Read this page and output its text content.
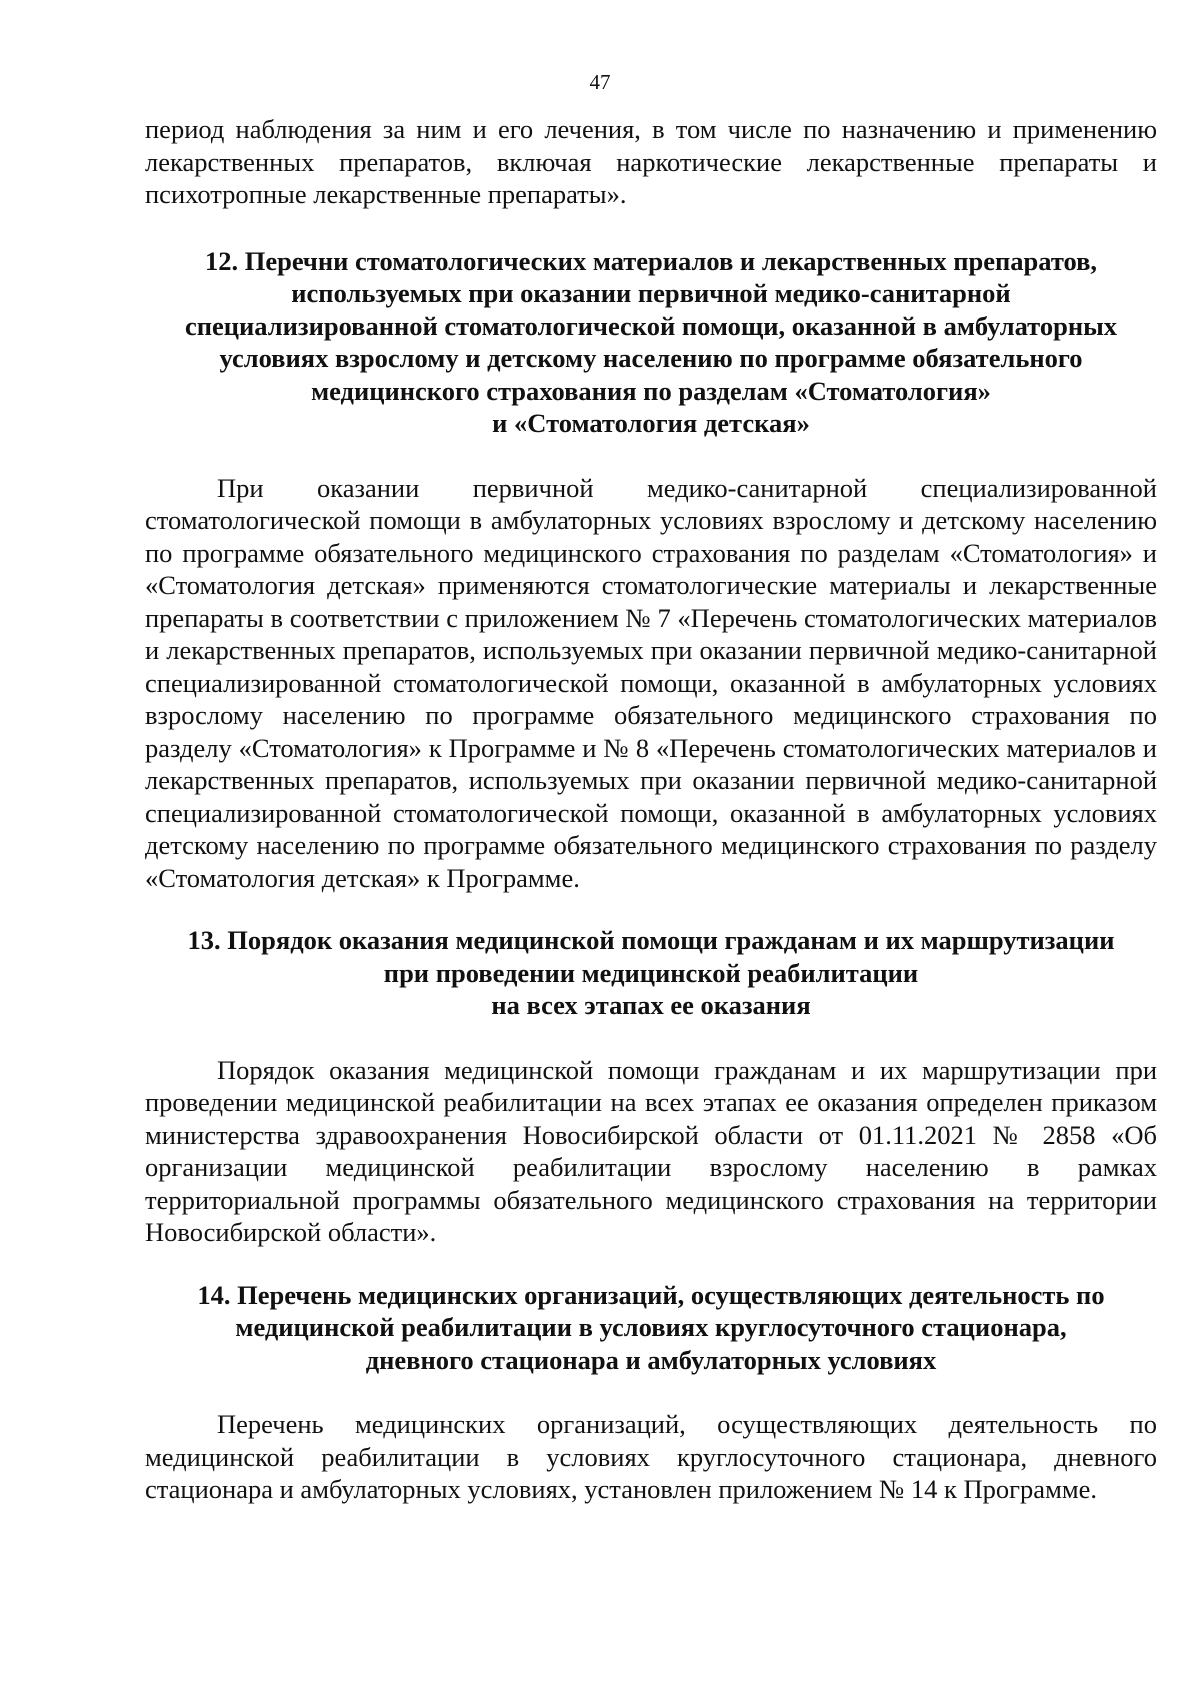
47

период наблюдения за ним и его лечения, в том числе по назначению и применению лекарственных препаратов, включая наркотические лекарственные препараты и психотропные лекарственные препараты».

12. Перечни стоматологических материалов и лекарственных препаратов,
используемых при оказании первичной медико-санитарной
специализированной стоматологической помощи, оказанной в амбулаторных
условиях взрослому и детскому населению по программе обязательного
медицинского страхования по разделам «Стоматология»
и «Стоматология детская»

При оказании первичной медико-санитарной специализированной стоматологической помощи в амбулаторных условиях взрослому и детскому населению по программе обязательного медицинского страхования по разделам «Стоматология» и «Стоматология детская» применяются стоматологические материалы и лекарственные препараты в соответствии с приложением № 7 «Перечень стоматологических материалов и лекарственных препаратов, используемых при оказании первичной медико-санитарной специализированной стоматологической помощи, оказанной в амбулаторных условиях взрослому населению по программе обязательного медицинского страхования по разделу «Стоматология» к Программе и № 8 «Перечень стоматологических материалов и лекарственных препаратов, используемых при оказании первичной медико-санитарной специализированной стоматологической помощи, оказанной в амбулаторных условиях детскому населению по программе обязательного медицинского страхования по разделу «Стоматология детская» к Программе.

13. Порядок оказания медицинской помощи гражданам и их маршрутизации
при проведении медицинской реабилитации
на всех этапах ее оказания

Порядок оказания медицинской помощи гражданам и их маршрутизации при проведении медицинской реабилитации на всех этапах ее оказания определен приказом министерства здравоохранения Новосибирской области от 01.11.2021 № 2858 «Об организации медицинской реабилитации взрослому населению в рамках территориальной программы обязательного медицинского страхования на территории Новосибирской области».

14. Перечень медицинских организаций, осуществляющих деятельность по
медицинской реабилитации в условиях круглосуточного стационара,
дневного стационара и амбулаторных условиях

Перечень медицинских организаций, осуществляющих деятельность по медицинской реабилитации в условиях круглосуточного стационара, дневного стационара и амбулаторных условиях, установлен приложением № 14 к Программе.
